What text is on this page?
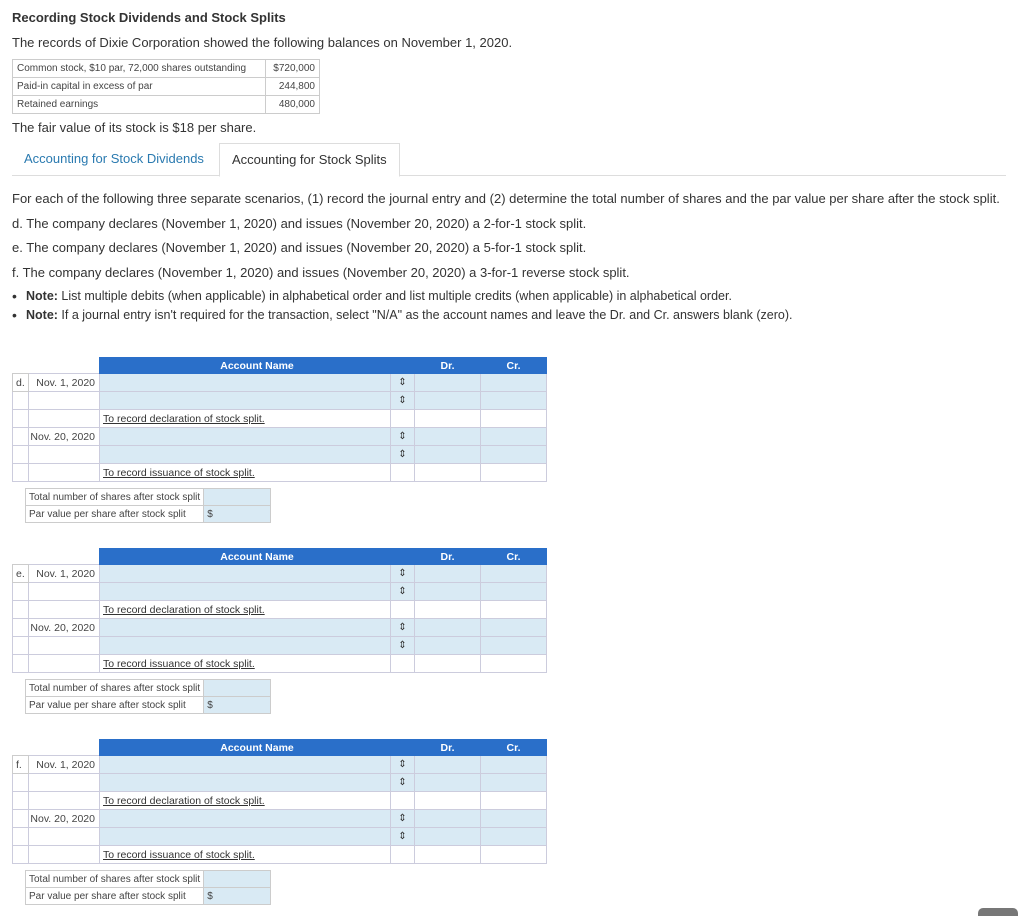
Recording Stock Dividends and Stock Splits
The records of Dixie Corporation showed the following balances on November 1, 2020.
Common stock, $10 par, 72,000 shares outstanding	$720,000
Paid-in capital in excess of par	244,800
Retained earnings	480,000
The fair value of its stock is $18 per share.
Accounting for Stock Dividends	Accounting for Stock Splits
For each of the following three separate scenarios, (1) record the journal entry and (2) determine the total number of shares and the par value per share after the stock split.
d. The company declares (November 1, 2020) and issues (November 20, 2020) a 2-for-1 stock split.
e. The company declares (November 1, 2020) and issues (November 20, 2020) a 5-for-1 stock split.
f. The company declares (November 1, 2020) and issues (November 20, 2020) a 3-for-1 reverse stock split.
• Note: List multiple debits (when applicable) in alphabetical order and list multiple credits (when applicable) in alphabetical order.
• Note: If a journal entry isn't required for the transaction, select "N/A" as the account names and leave the Dr. and Cr. answers blank (zero).
		Account Name		Dr.	Cr.
d.	Nov. 1, 2020		⇕		
			⇕		
		To record declaration of stock split.			
	Nov. 20, 2020		⇕		
			⇕		
		To record issuance of stock split.			
Total number of shares after stock split	
Par value per share after stock split	$
		Account Name		Dr.	Cr.
e.	Nov. 1, 2020		⇕		
			⇕		
		To record declaration of stock split.			
	Nov. 20, 2020		⇕		
			⇕		
		To record issuance of stock split.			
Total number of shares after stock split	
Par value per share after stock split	$
		Account Name		Dr.	Cr.
f.	Nov. 1, 2020		⇕		
			⇕		
		To record declaration of stock split.			
	Nov. 20, 2020		⇕		
			⇕		
		To record issuance of stock split.			
Total number of shares after stock split	
Par value per share after stock split	$
